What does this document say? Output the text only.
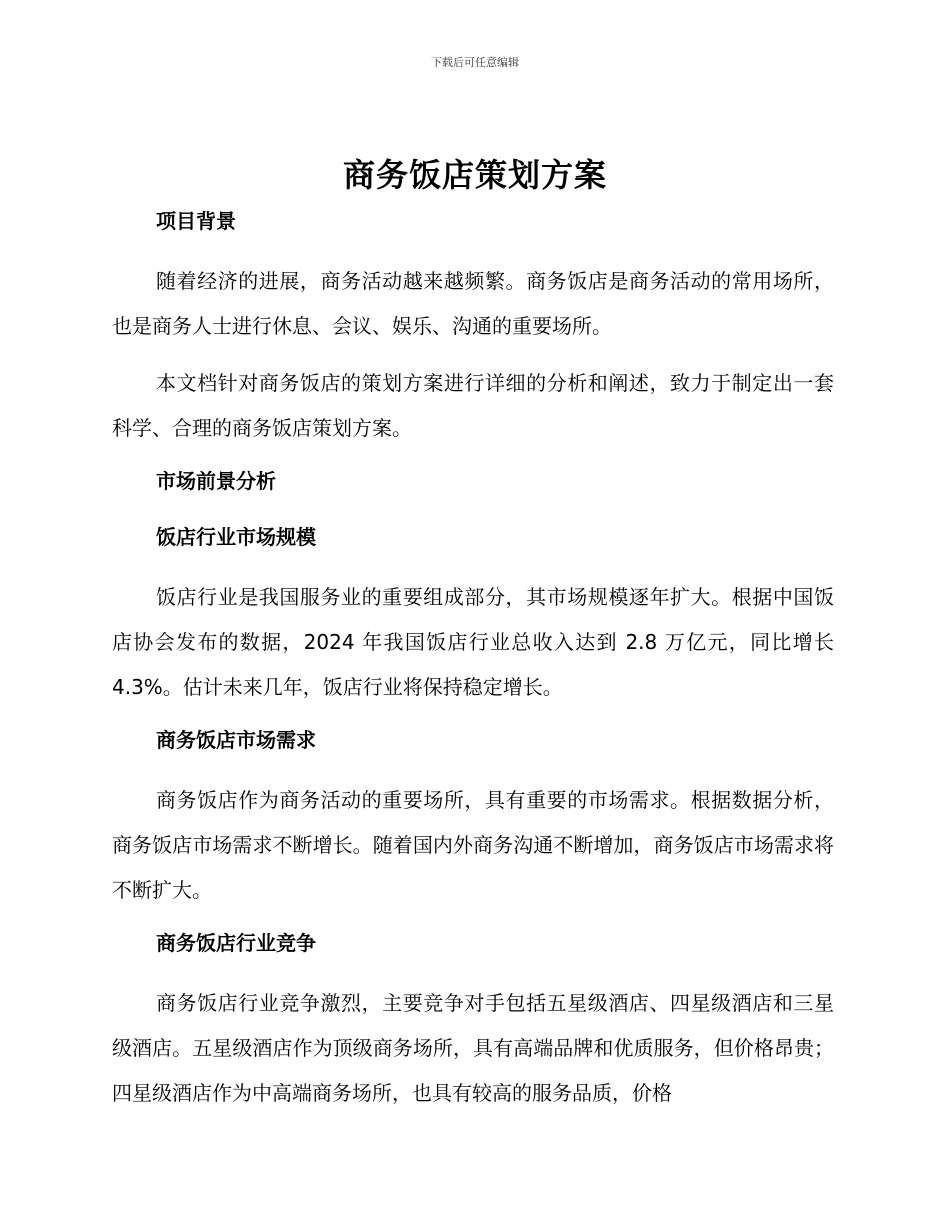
下载后可任意编辑
商务饭店策划方案
项目背景

随着经济的进展，商务活动越来越频繁。商务饭店是商务活动的常用场所，也是商务人士进行休息、会议、娱乐、沟通的重要场所。

本文档针对商务饭店的策划方案进行详细的分析和阐述，致力于制定出一套科学、合理的商务饭店策划方案。

市场前景分析
饭店行业市场规模

饭店行业是我国服务业的重要组成部分，其市场规模逐年扩大。根据中国饭店协会发布的数据，2024 年我国饭店行业总收入达到 2.8 万亿元，同比增长 4.3%。估计未来几年，饭店行业将保持稳定增长。

商务饭店市场需求

商务饭店作为商务活动的重要场所，具有重要的市场需求。根据数据分析，商务饭店市场需求不断增长。随着国内外商务沟通不断增加，商务饭店市场需求将不断扩大。

商务饭店行业竞争

商务饭店行业竞争激烈，主要竞争对手包括五星级酒店、四星级酒店和三星级酒店。五星级酒店作为顶级商务场所，具有高端品牌和优质服务，但价格昂贵；四星级酒店作为中高端商务场所，也具有较高的服务品质，价格
